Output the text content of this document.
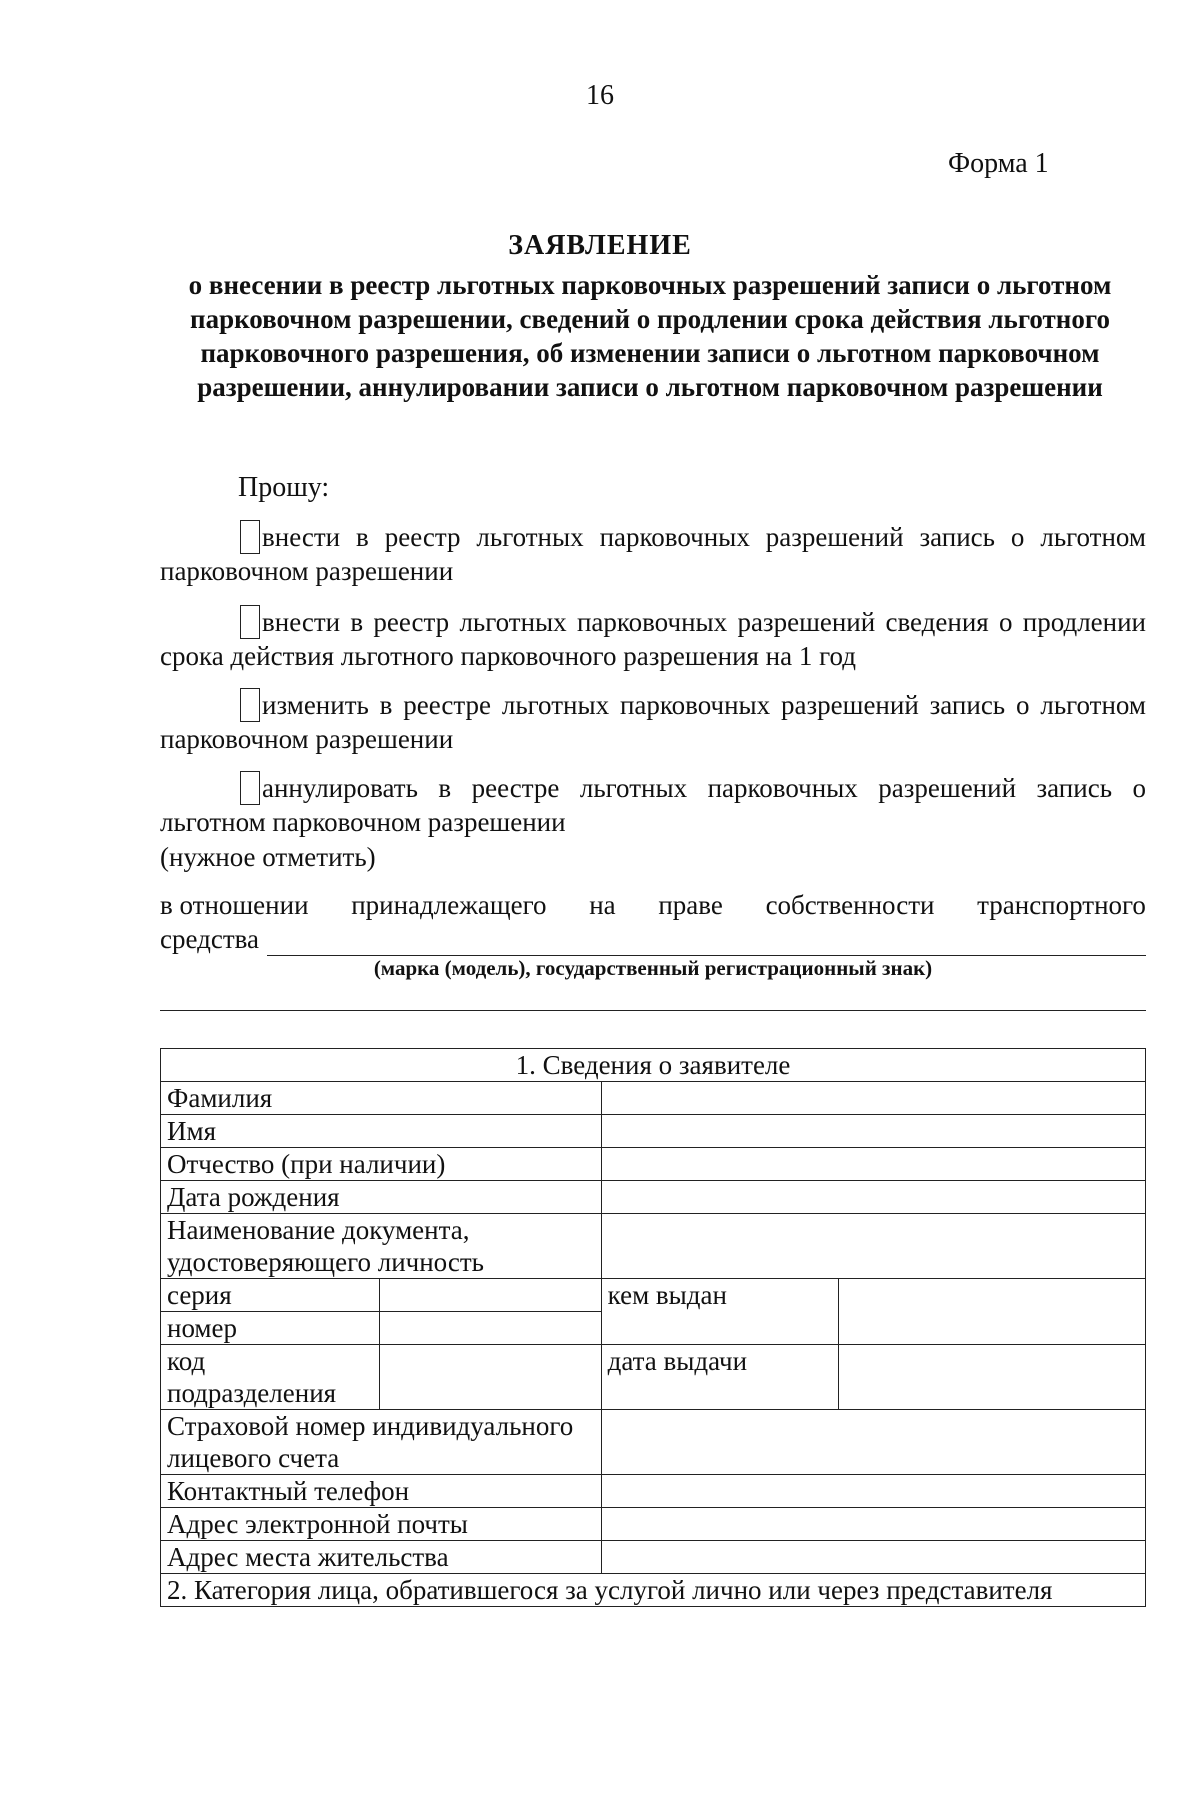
16
Форма 1
ЗАЯВЛЕНИЕ
о внесении в реестр льготных парковочных разрешений записи о льготном парковочном разрешении, сведений о продлении срока действия льготного парковочного разрешения, об изменении записи о льготном парковочном разрешении, аннулировании записи о льготном парковочном разрешении
Прошу:
внести в реестр льготных парковочных разрешений запись о льготном парковочном разрешении
внести в реестр льготных парковочных разрешений сведения о продлении срока действия льготного парковочного разрешения на 1 год
изменить в реестре льготных парковочных разрешений запись о льготном парковочном разрешении
аннулировать в реестре льготных парковочных разрешений запись о льготном парковочном разрешении
(нужное отметить)
в отношении принадлежащего на праве собственности транспортного
средства
(марка (модель), государственный регистрационный знак)
1. Сведения о заявителе			
Фамилия			
Имя			
Отчество (при наличии)			
Дата рождения			
Наименование документа, удостоверяющего личность			
серия		кем выдан	
номер			
код подразделения		дата выдачи	
Страховой номер индивидуального лицевого счета			
Контактный телефон			
Адрес электронной почты			
Адрес места жительства			
2. Категория лица, обратившегося за услугой лично или через представителя			
